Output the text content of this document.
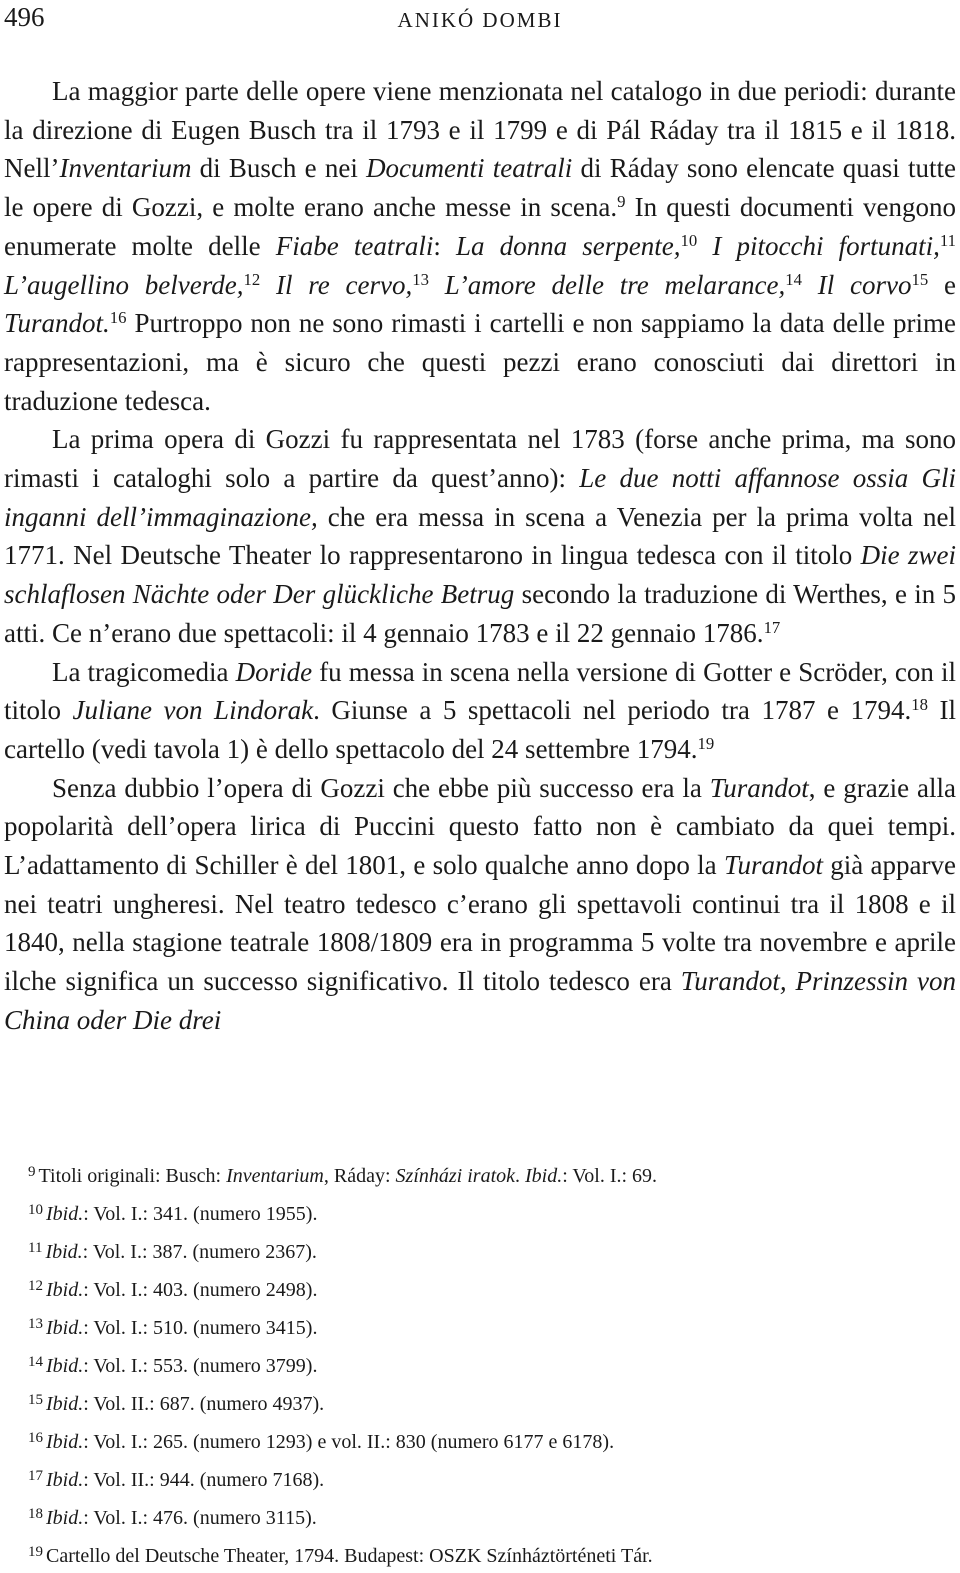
496	ANIKÓ DOMBI

La maggior parte delle opere viene menzionata nel catalogo in due periodi: durante la direzione di Eugen Busch tra il 1793 e il 1799 e di Pál Ráday tra il 1815 e il 1818. Nell’Inventarium di Busch e nei Documenti teatrali di Ráday sono elencate quasi tutte le opere di Gozzi, e molte erano anche messe in scena.$^9$ In questi documenti vengono enumerate molte delle Fiabe teatrali: La donna serpente,$^{10}$ I pitocchi fortunati,$^{11}$ L’augellino belverde,$^{12}$ Il re cervo,$^{13}$ L’amore delle tre melarance,$^{14}$ Il corvo$^{15}$ e Turandot.$^{16}$ Purtroppo non ne sono rimasti i cartelli e non sappiamo la data delle prime rappresentazioni, ma è sicuro che questi pezzi erano conosciuti dai direttori in traduzione tedesca.

La prima opera di Gozzi fu rappresentata nel 1783 (forse anche prima, ma sono rimasti i cataloghi solo a partire da quest’anno): Le due notti affannose ossia Gli inganni dell’immaginazione, che era messa in scena a Venezia per la prima volta nel 1771. Nel Deutsche Theater lo rappresentarono in lingua tedesca con il titolo Die zwei schlaflosen Nächte oder Der glückliche Betrug secondo la traduzione di Werthes, e in 5 atti. Ce n’erano due spettacoli: il 4 gennaio 1783 e il 22 gennaio 1786.17

La tragicomedia Doride fu messa in scena nella versione di Gotter e Scröder, con il titolo Juliane von Lindorak. Giunse a 5 spettacoli nel periodo tra 1787 e 1794.18 Il cartello (vedi tavola 1) è dello spettacolo del 24 settembre 1794.19

Senza dubbio l’opera di Gozzi che ebbe più successo era la Turandot, e grazie alla popolarità dell’opera lirica di Puccini questo fatto non è cambiato da quei tempi. L’adattamento di Schiller è del 1801, e solo qualche anno dopo la Turandot già apparve nei teatri ungheresi. Nel teatro tedesco c’erano gli spettavoli continui tra il 1808 e il 1840, nella stagione teatrale 1808/1809 era in programma 5 volte tra novembre e aprile ilche significa un successo significativo. Il titolo tedesco era Turandot, Prinzessin von China oder Die drei

$^9$ Titoli originali: Busch: Inventarium, Ráday: Színházi iratok. Ibid.: Vol. I.: 69.
$^{10}$ Ibid.: Vol. I.: 341. (numero 1955).
$^{11}$ Ibid.: Vol. I.: 387. (numero 2367).
$^{12}$ Ibid.: Vol. I.: 403. (numero 2498).
$^{13}$ Ibid.: Vol. I.: 510. (numero 3415).
$^{14}$ Ibid.: Vol. I.: 553. (numero 3799).
$^{15}$ Ibid.: Vol. II.: 687. (numero 4937).
$^{16}$ Ibid.: Vol. I.: 265. (numero 1293) e vol. II.: 830 (numero 6177 e 6178).
$^{17}$ Ibid.: Vol. II.: 944. (numero 7168).
$^{18}$ Ibid.: Vol. I.: 476. (numero 3115).
$^{19}$ Cartello del Deutsche Theater, 1794. Budapest: OSZK Színháztörténeti Tár.
